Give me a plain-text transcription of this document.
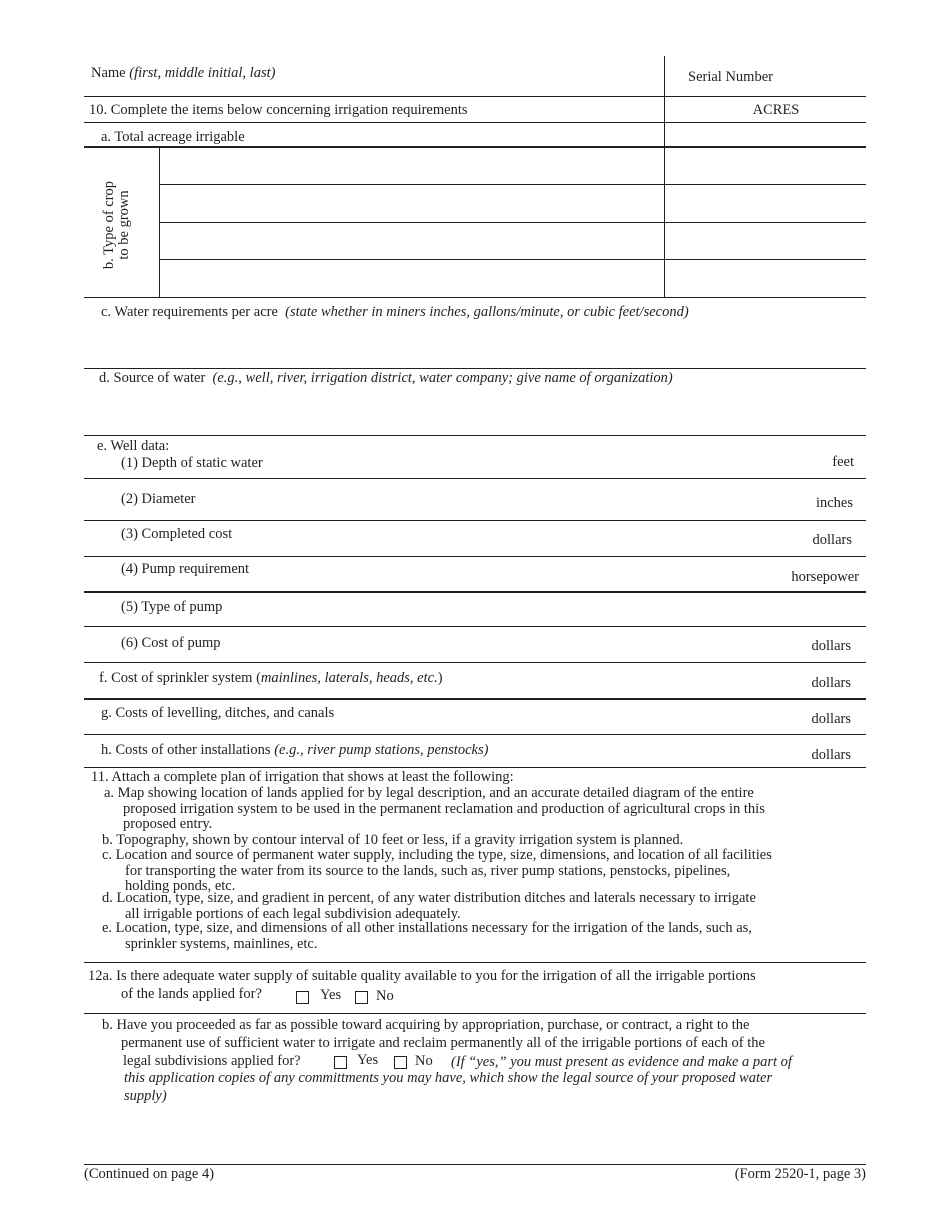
Name (first, middle initial, last)	Serial Number
10. Complete the items below concerning irrigation requirements	ACRES
a. Total acreage irrigable
b. Type of crop to be grown
c. Water requirements per acre (state whether in miners inches, gallons/minute, or cubic feet/second)
d. Source of water (e.g., well, river, irrigation district, water company; give name of organization)
e. Well data:
(1) Depth of static water	feet
(2) Diameter	inches
(3) Completed cost	dollars
(4) Pump requirement	horsepower
(5) Type of pump
(6) Cost of pump	dollars
f. Cost of sprinkler system (mainlines, laterals, heads, etc.)	dollars
g. Costs of levelling, ditches, and canals	dollars
h. Costs of other installations (e.g., river pump stations, penstocks)	dollars
11. Attach a complete plan of irrigation that shows at least the following:
a. Map showing location of lands applied for by legal description, and an accurate detailed diagram of the entire
proposed irrigation system to be used in the permanent reclamation and production of agricultural crops in this
proposed entry.
b. Topography, shown by contour interval of 10 feet or less, if a gravity irrigation system is planned.
c. Location and source of permanent water supply, including the type, size, dimensions, and location of all facilities
for transporting the water from its source to the lands, such as, river pump stations, penstocks, pipelines,
holding ponds, etc.
d. Location, type, size, and gradient in percent, of any water distribution ditches and laterals necessary to irrigate
all irrigable portions of each legal subdivision adequately.
e. Location, type, size, and dimensions of all other installations necessary for the irrigation of the lands, such as,
sprinkler systems, mainlines, etc.
12a. Is there adequate water supply of suitable quality available to you for the irrigation of all the irrigable portions
of the lands applied for?	Yes No
b. Have you proceeded as far as possible toward acquiring by appropriation, purchase, or contract, a right to the
permanent use of sufficient water to irrigate and reclaim permanently all of the irrigable portions of each of the
legal subdivisions applied for?	Yes	No (If “yes,” you must present as evidence and make a part of
this application copies of any committments you may have, which show the legal source of your proposed water
supply)
(Continued on page 4)	(Form 2520-1, page 3)
